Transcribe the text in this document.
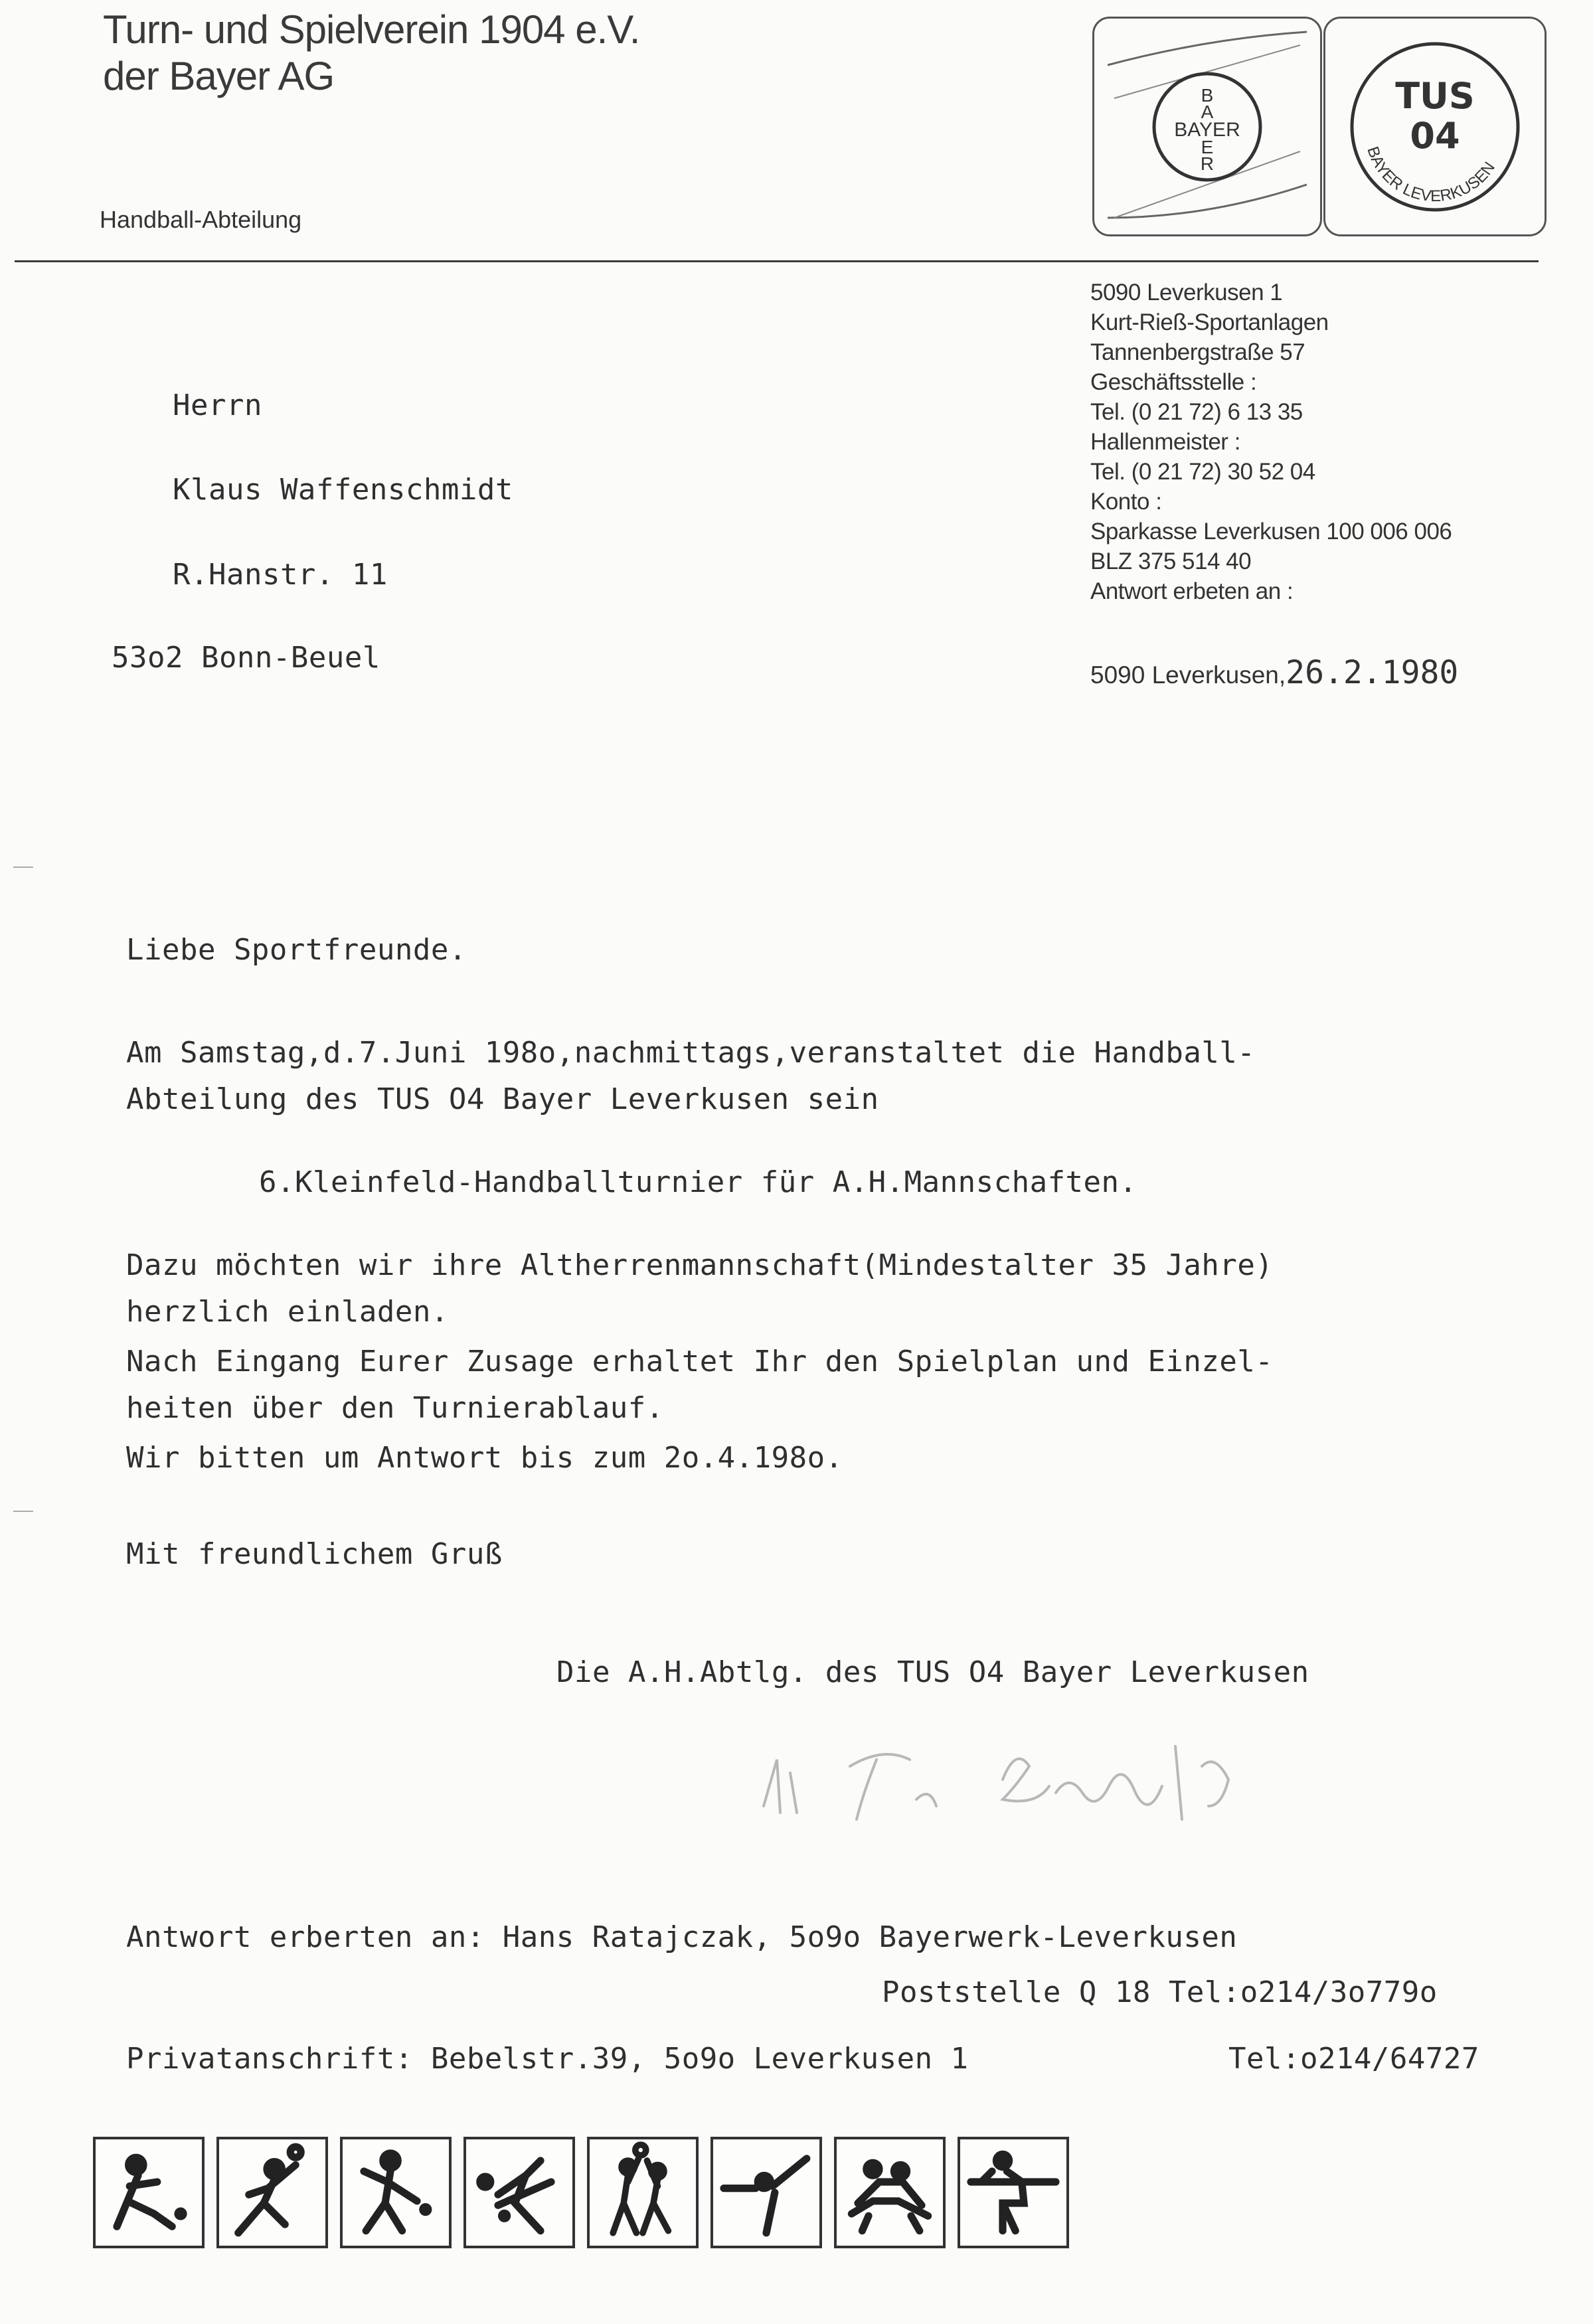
Turn- und Spielverein 1904 e.V.
der Bayer AG
Handball-Abteilung
B
A
R
E
BAYER
TUS
04
BAYER LEVERKUSEN
5090 Leverkusen 1
Kurt-Rieß-Sportanlagen
Tannenbergstraße 57
Geschäftsstelle :
Tel. (0 21 72) 6 13 35
Hallenmeister :
Tel. (0 21 72) 30 52 04
Konto :
Sparkasse Leverkusen 100 006 006
BLZ 375 514 40
Antwort erbeten an :
5090 Leverkusen,26.2.1980
Herrn
Klaus Waffenschmidt
R.Hanstr. 11
53o2 Bonn-Beuel
Liebe Sportfreunde.
Am Samstag,d.7.Juni 198o,nachmittags,veranstaltet die Handball-
Abteilung des TUS O4 Bayer Leverkusen sein
6.Kleinfeld-Handballturnier für A.H.Mannschaften.
Dazu möchten wir ihre Altherrenmannschaft(Mindestalter 35 Jahre)
herzlich einladen.
Nach Eingang Eurer Zusage erhaltet Ihr den Spielplan und Einzel-
heiten über den Turnierablauf.
Wir bitten um Antwort bis zum 2o.4.198o.
Mit freundlichem Gruß
Die A.H.Abtlg. des TUS O4 Bayer Leverkusen
Antwort erberten an: Hans Ratajczak, 5o9o Bayerwerk-Leverkusen
Poststelle Q 18 Tel:o214/3o779o
Privatanschrift: Bebelstr.39, 5o9o Leverkusen 1	Tel:o214/64727
